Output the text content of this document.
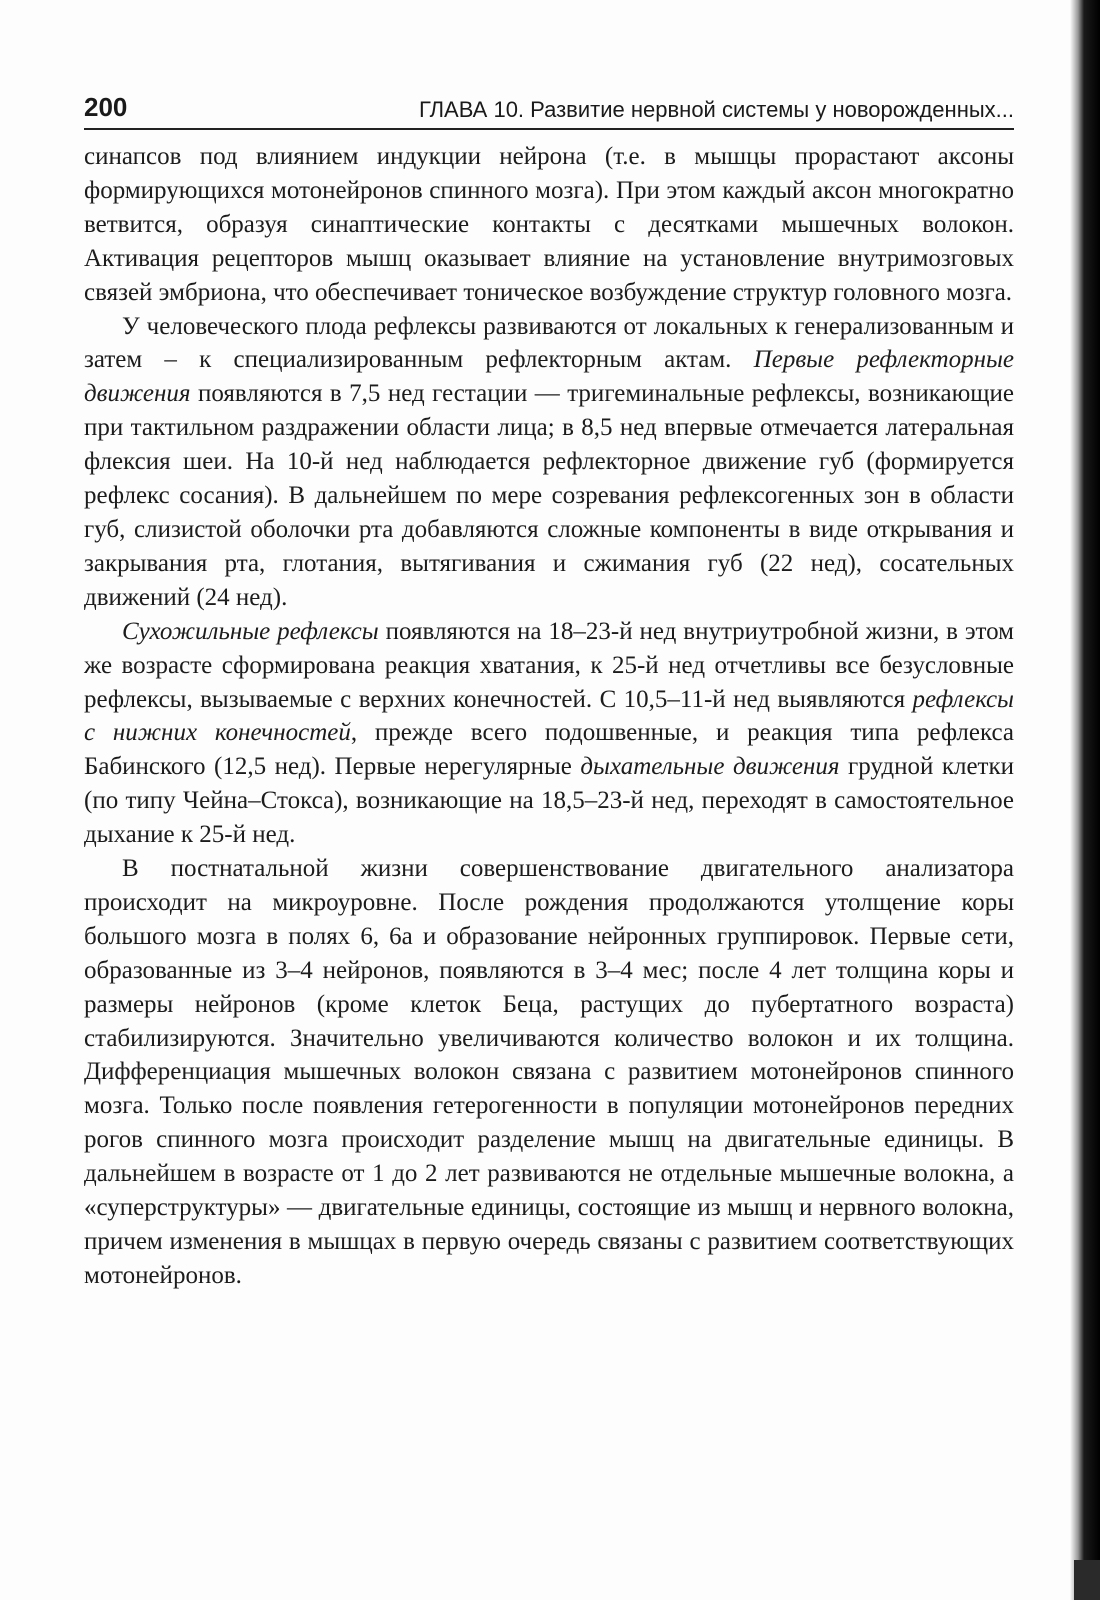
200	ГЛАВА 10. Развитие нервной системы у новорожденных...

синапсов под влиянием индукции нейрона (т.е. в мышцы прорастают аксоны формирующихся мотонейронов спинного мозга). При этом каждый аксон многократно ветвится, образуя синаптические контакты с десятками мышечных волокон. Активация рецепторов мышц оказывает влияние на установление внутримозговых связей эмбриона, что обеспечивает тоническое возбуждение структур головного мозга.

У человеческого плода рефлексы развиваются от локальных к генерализованным и затем – к специализированным рефлекторным актам. Первые рефлекторные движения появляются в 7,5 нед гестации — тригеминальные рефлексы, возникающие при тактильном раздражении области лица; в 8,5 нед впервые отмечается латеральная флексия шеи. На 10-й нед наблюдается рефлекторное движение губ (формируется рефлекс сосания). В дальнейшем по мере созревания рефлексогенных зон в области губ, слизистой оболочки рта добавляются сложные компоненты в виде открывания и закрывания рта, глотания, вытягивания и сжимания губ (22 нед), сосательных движений (24 нед).

Сухожильные рефлексы появляются на 18–23-й нед внутриутробной жизни, в этом же возрасте сформирована реакция хватания, к 25-й нед отчетливы все безусловные рефлексы, вызываемые с верхних конечностей. С 10,5–11-й нед выявляются рефлексы с нижних конечностей, прежде всего подошвенные, и реакция типа рефлекса Бабинского (12,5 нед). Первые нерегулярные дыхательные движения грудной клетки (по типу Чейна–Стокса), возникающие на 18,5–23-й нед, переходят в самостоятельное дыхание к 25-й нед.

В постнатальной жизни совершенствование двигательного анализатора происходит на микроуровне. После рождения продолжаются утолщение коры большого мозга в полях 6, 6а и образование нейронных группировок. Первые сети, образованные из 3–4 нейронов, появляются в 3–4 мес; после 4 лет толщина коры и размеры нейронов (кроме клеток Беца, растущих до пубертатного возраста) стабилизируются. Значительно увеличиваются количество волокон и их толщина. Дифференциация мышечных волокон связана с развитием мотонейронов спинного мозга. Только после появления гетерогенности в популяции мотонейронов передних рогов спинного мозга происходит разделение мышц на двигательные единицы. В дальнейшем в возрасте от 1 до 2 лет развиваются не отдельные мышечные волокна, а «суперструктуры» — двигательные единицы, состоящие из мышц и нервного волокна, причем изменения в мышцах в первую очередь связаны с развитием соответствующих мотонейронов.
